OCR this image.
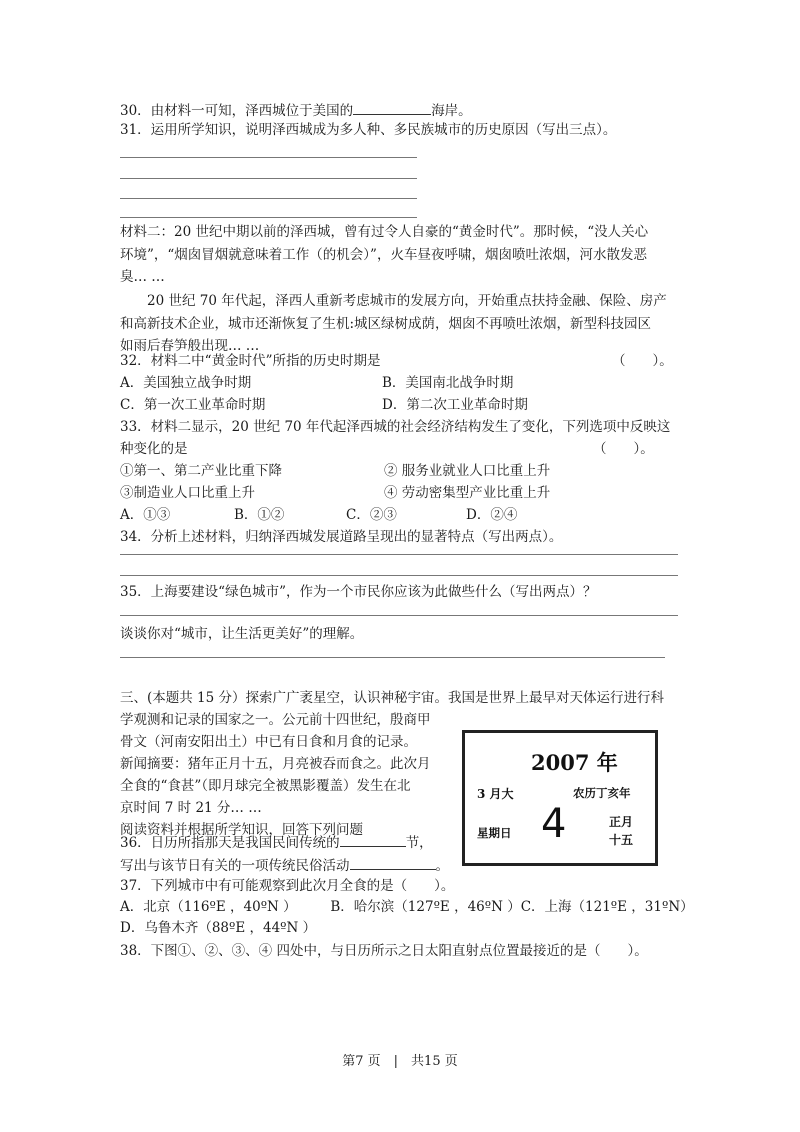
30．由材料一可知，泽西城位于美国的	海岸。
31．运用所学知识，说明泽西城成为多人种、多民族城市的历史原因（写出三点）。
材料二：20 世纪中期以前的泽西城，曾有过令人自豪的“黄金时代”。那时候，“没人关心
环境”，“烟囱冒烟就意味着工作（的机会）”，火车昼夜呼啸，烟囱喷吐浓烟，河水散发恶
臭… …
20 世纪 70 年代起，泽西人重新考虑城市的发展方向，开始重点扶持金融、保险、房产
和高新技术企业，城市还渐恢复了生机:城区绿树成荫，烟囱不再喷吐浓烟，新型科技园区
如雨后春笋般出现… …
32．材料二中“黄金时代”所指的历史时期是	（　　）。
A．美国独立战争时期	B．美国南北战争时期
C．第一次工业革命时期	D．第二次工业革命时期
33．材料二显示，20 世纪 70 年代起泽西城的社会经济结构发生了变化，下列选项中反映这
种变化的是	（　　）。
①第一、第二产业比重下降	② 服务业就业人口比重上升
③制造业人口比重上升	④ 劳动密集型产业比重上升
A．①③	B．①②	C．②③	D．②④
34．分析上述材料，归纳泽西城发展道路呈现出的显著特点（写出两点）。
35．上海要建设“绿色城市”，作为一个市民你应该为此做些什么（写出两点）？
谈谈你对“城市，让生活更美好”的理解。
三、(本题共 15 分）探索广广袤星空，认识神秘宇宙。我国是世界上最早对天体运行进行科
学观测和记录的国家之一。公元前十四世纪，殷商甲
骨文（河南安阳出土）中已有日食和月食的记录。
新闻摘要：猪年正月十五，月亮被吞而食之。此次月
全食的“食甚”（即月球完全被黑影覆盖）发生在北
京时间 7 时 21 分… …
阅读资料并根据所学知识，回答下列问题
36．日历所指那天是我国民间传统的	节，
写出与该节日有关的一项传统民俗活动	。
2007 年
3 月大	农历丁亥年
星期日 4	正月
十五
37．下列城市中有可能观察到此次月全食的是（　　）。
A．北京（116ºE ，40ºN ）　　　B．哈尔滨（127ºE ，46ºN ）C．上海（121ºE ，31ºN）
D．乌鲁木齐（88ºE ，44ºN ）
38．下图①、②、③、④ 四处中，与日历所示之日太阳直射点位置最接近的是（　　）。
第7 页　|　共15 页
